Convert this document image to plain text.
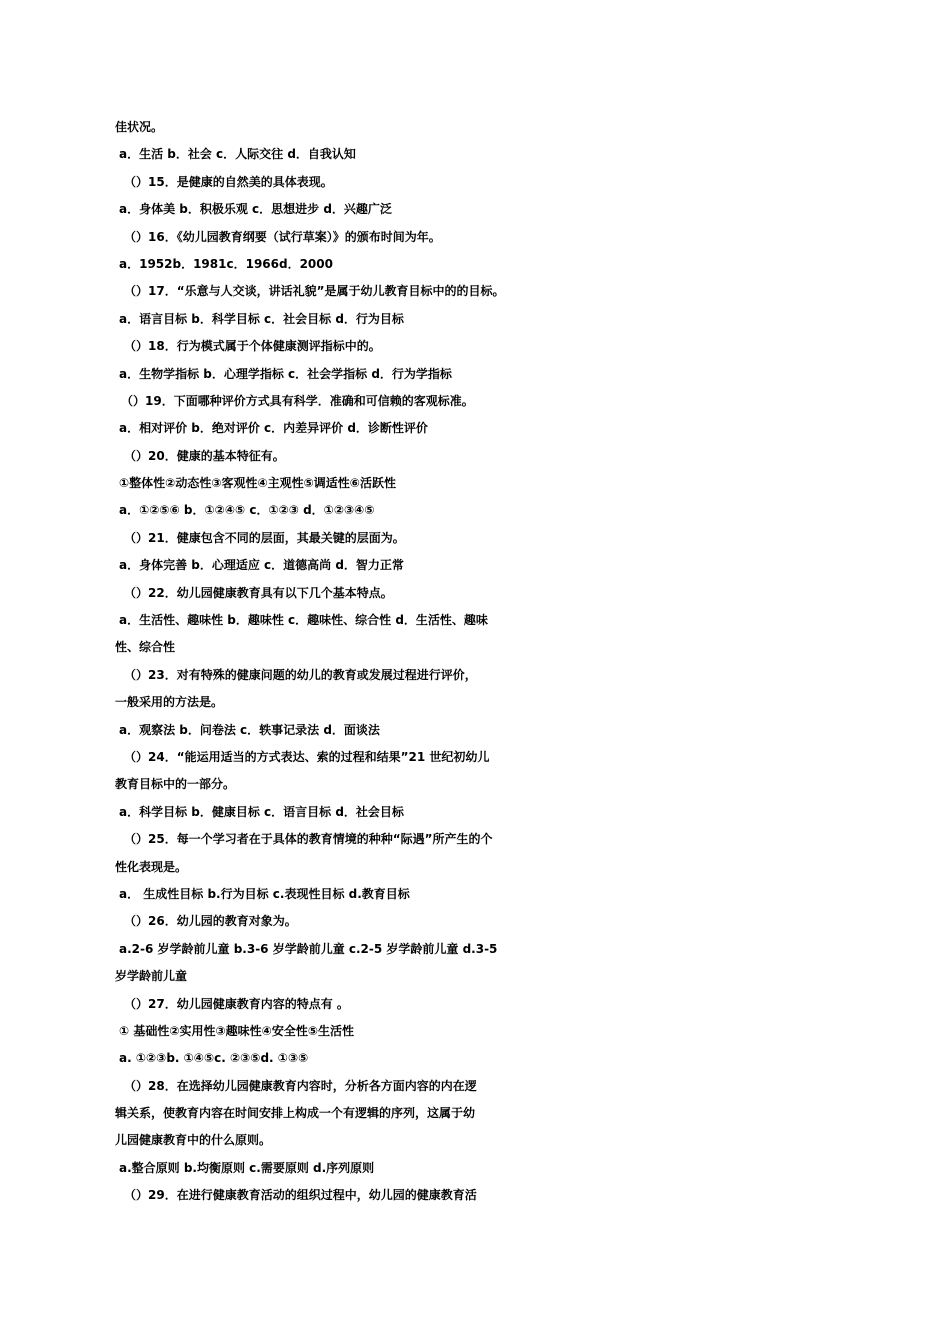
佳状况。
a．生活 b．社会 c．人际交往 d．自我认知
（）15．是健康的自然美的具体表现。
a．身体美 b．积极乐观 c．思想进步 d．兴趣广泛
（）16．《幼儿园教育纲要（试行草案）》的颁布时间为年。
a．1952b．1981c．1966d．2000
（）17．“乐意与人交谈，讲话礼貌”是属于幼儿教育目标中的的目标。
a．语言目标 b．科学目标 c．社会目标 d．行为目标
（）18．行为模式属于个体健康测评指标中的。
a．生物学指标 b．心理学指标 c．社会学指标 d．行为学指标
（）19．下面哪种评价方式具有科学．准确和可信赖的客观标准。
a．相对评价 b．绝对评价 c．内差异评价 d．诊断性评价
（）20．健康的基本特征有。
①整体性②动态性③客观性④主观性⑤调适性⑥活跃性
a．①②⑤⑥ b．①②④⑤ c．①②③ d．①②③④⑤
（）21．健康包含不同的层面，其最关键的层面为。
a．身体完善 b．心理适应 c．道德高尚 d．智力正常
（）22．幼儿园健康教育具有以下几个基本特点。
a．生活性、趣味性 b．趣味性 c．趣味性、综合性 d．生活性、趣味
性、综合性
（）23．对有特殊的健康问题的幼儿的教育或发展过程进行评价，
一般采用的方法是。
a．观察法 b．问卷法 c．轶事记录法 d．面谈法
（）24．“能运用适当的方式表达、索的过程和结果”21 世纪初幼儿
教育目标中的一部分。
a．科学目标 b．健康目标 c．语言目标 d．社会目标
（）25．每一个学习者在于具体的教育情境的种种“际遇”所产生的个
性化表现是。
a． 生成性目标 b.行为目标 c.表现性目标 d.教育目标
（）26．幼儿园的教育对象为。
a.2-6 岁学龄前儿童 b.3-6 岁学龄前儿童 c.2-5 岁学龄前儿童 d.3-5
岁学龄前儿童
（）27．幼儿园健康教育内容的特点有 。
① 基础性②实用性③趣味性④安全性⑤生活性
a. ①②③b. ①④⑤c. ②③⑤d. ①③⑤
（）28．在选择幼儿园健康教育内容时，分析各方面内容的内在逻
辑关系，使教育内容在时间安排上构成一个有逻辑的序列，这属于幼
儿园健康教育中的什么原则。
a.整合原则 b.均衡原则 c.需要原则 d.序列原则
（）29．在进行健康教育活动的组织过程中，幼儿园的健康教育活
